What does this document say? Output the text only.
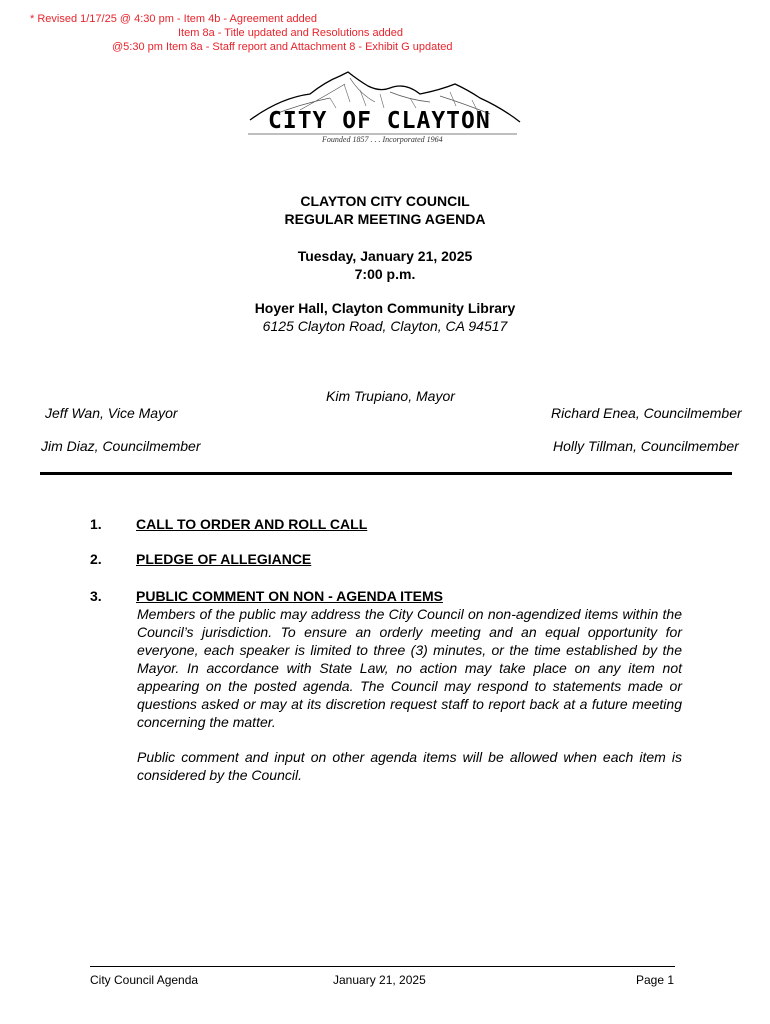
* Revised 1/17/25 @ 4:30 pm - Item 4b - Agreement added
Item 8a - Title updated and Resolutions added
@5:30 pm Item 8a - Staff report and Attachment 8 - Exhibit G updated
CITY OF CLAYTON
Founded 1857 . . . Incorporated 1964
CLAYTON CITY COUNCIL
REGULAR MEETING AGENDA
Tuesday, January 21, 2025
7:00 p.m.
Hoyer Hall, Clayton Community Library
6125 Clayton Road, Clayton, CA 94517
Kim Trupiano, Mayor
Jeff Wan, Vice Mayor	Richard Enea, Councilmember
Jim Diaz, Councilmember	Holly Tillman, Councilmember
1. CALL TO ORDER AND ROLL CALL
2. PLEDGE OF ALLEGIANCE
3. PUBLIC COMMENT ON NON - AGENDA ITEMS
Members of the public may address the City Council on non-agendized items within the Council’s jurisdiction. To ensure an orderly meeting and an equal opportunity for everyone, each speaker is limited to three (3) minutes, or the time established by the Mayor. In accordance with State Law, no action may take place on any item not appearing on the posted agenda. The Council may respond to statements made or questions asked or may at its discretion request staff to report back at a future meeting concerning the matter.
Public comment and input on other agenda items will be allowed when each item is considered by the Council.
City Council Agenda	January 21, 2025	Page 1
